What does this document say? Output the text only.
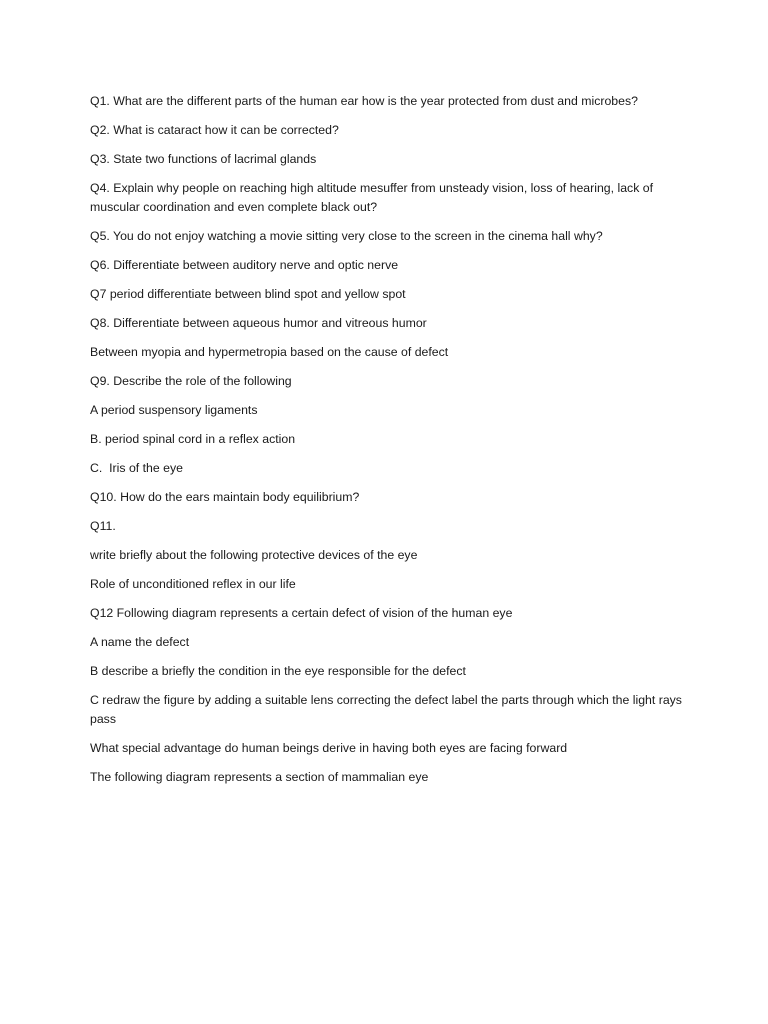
Q1. What are the different parts of the human ear how is the year protected from dust and microbes?

Q2. What is cataract how it can be corrected?

Q3. State two functions of lacrimal glands

Q4. Explain why people on reaching high altitude mesuffer from unsteady vision, loss of hearing, lack of muscular coordination and even complete black out?

Q5. You do not enjoy watching a movie sitting very close to the screen in the cinema hall why?

Q6. Differentiate between auditory nerve and optic nerve

Q7 period differentiate between blind spot and yellow spot

Q8. Differentiate between aqueous humor and vitreous humor

Between myopia and hypermetropia based on the cause of defect

Q9. Describe the role of the following

A period suspensory ligaments

B. period spinal cord in a reflex action

C.  Iris of the eye

Q10. How do the ears maintain body equilibrium?

Q11.

write briefly about the following protective devices of the eye

Role of unconditioned reflex in our life

Q12 Following diagram represents a certain defect of vision of the human eye

A name the defect

B describe a briefly the condition in the eye responsible for the defect

C redraw the figure by adding a suitable lens correcting the defect label the parts through which the light rays pass

What special advantage do human beings derive in having both eyes are facing forward

The following diagram represents a section of mammalian eye
